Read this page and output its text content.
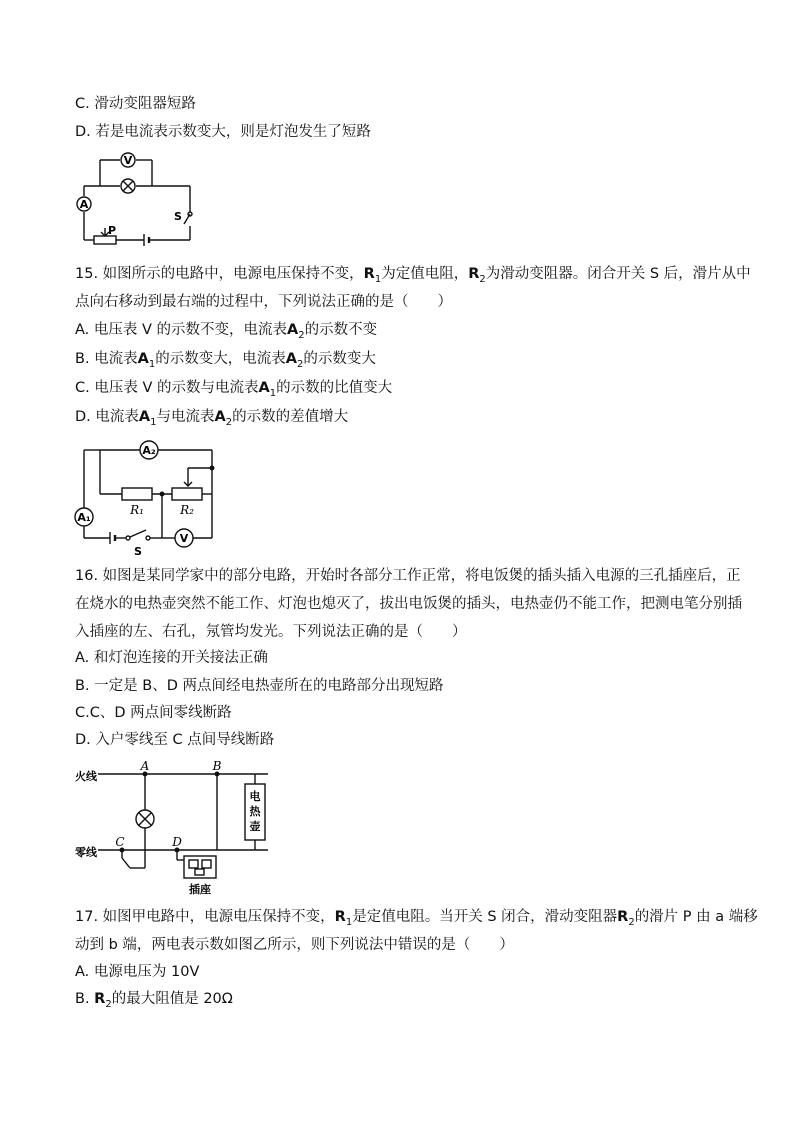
C. 滑动变阻器短路
D. 若是电流表示数变大，则是灯泡发生了短路
V
A
S
P
15. 如图所示的电路中，电源电压保持不变，$R_1$为定值电阻，$R_2$为滑动变阻器。闭合开关 S 后，滑片从中
点向右移动到最右端的过程中，下列说法正确的是（　　）
A. 电压表 V 的示数不变，电流表$A_2$的示数不变
B. 电流表$A_1$的示数变大，电流表$A_2$的示数变大
C. 电压表 V 的示数与电流表$A_1$的示数的比值变大
D. 电流表$A_1$与电流表$A_2$的示数的差值增大
A₂
A₁
R₁	R₂
V
S
16. 如图是某同学家中的部分电路，开始时各部分工作正常，将电饭煲的插头插入电源的三孔插座后，正
在烧水的电热壶突然不能工作、灯泡也熄灭了，拔出电饭煲的插头，电热壶仍不能工作，把测电笔分别插
入插座的左、右孔，氖管均发光。下列说法正确的是（　　）
A. 和灯泡连接的开关接法正确
B. 一定是 B、D 两点间经电热壶所在的电路部分出现短路
C.C、D 两点间零线断路
D. 入户零线至 C 点间导线断路
火线
零线
A	B
C	D
电
热
壶
插座
17. 如图甲电路中，电源电压保持不变，$R_1$是定值电阻。当开关 S 闭合，滑动变阻器$R_2$的滑片 P 由 a 端移
动到 b 端，两电表示数如图乙所示，则下列说法中错误的是（　　）
A. 电源电压为 10V
B. $R_2$的最大阻值是 20Ω
